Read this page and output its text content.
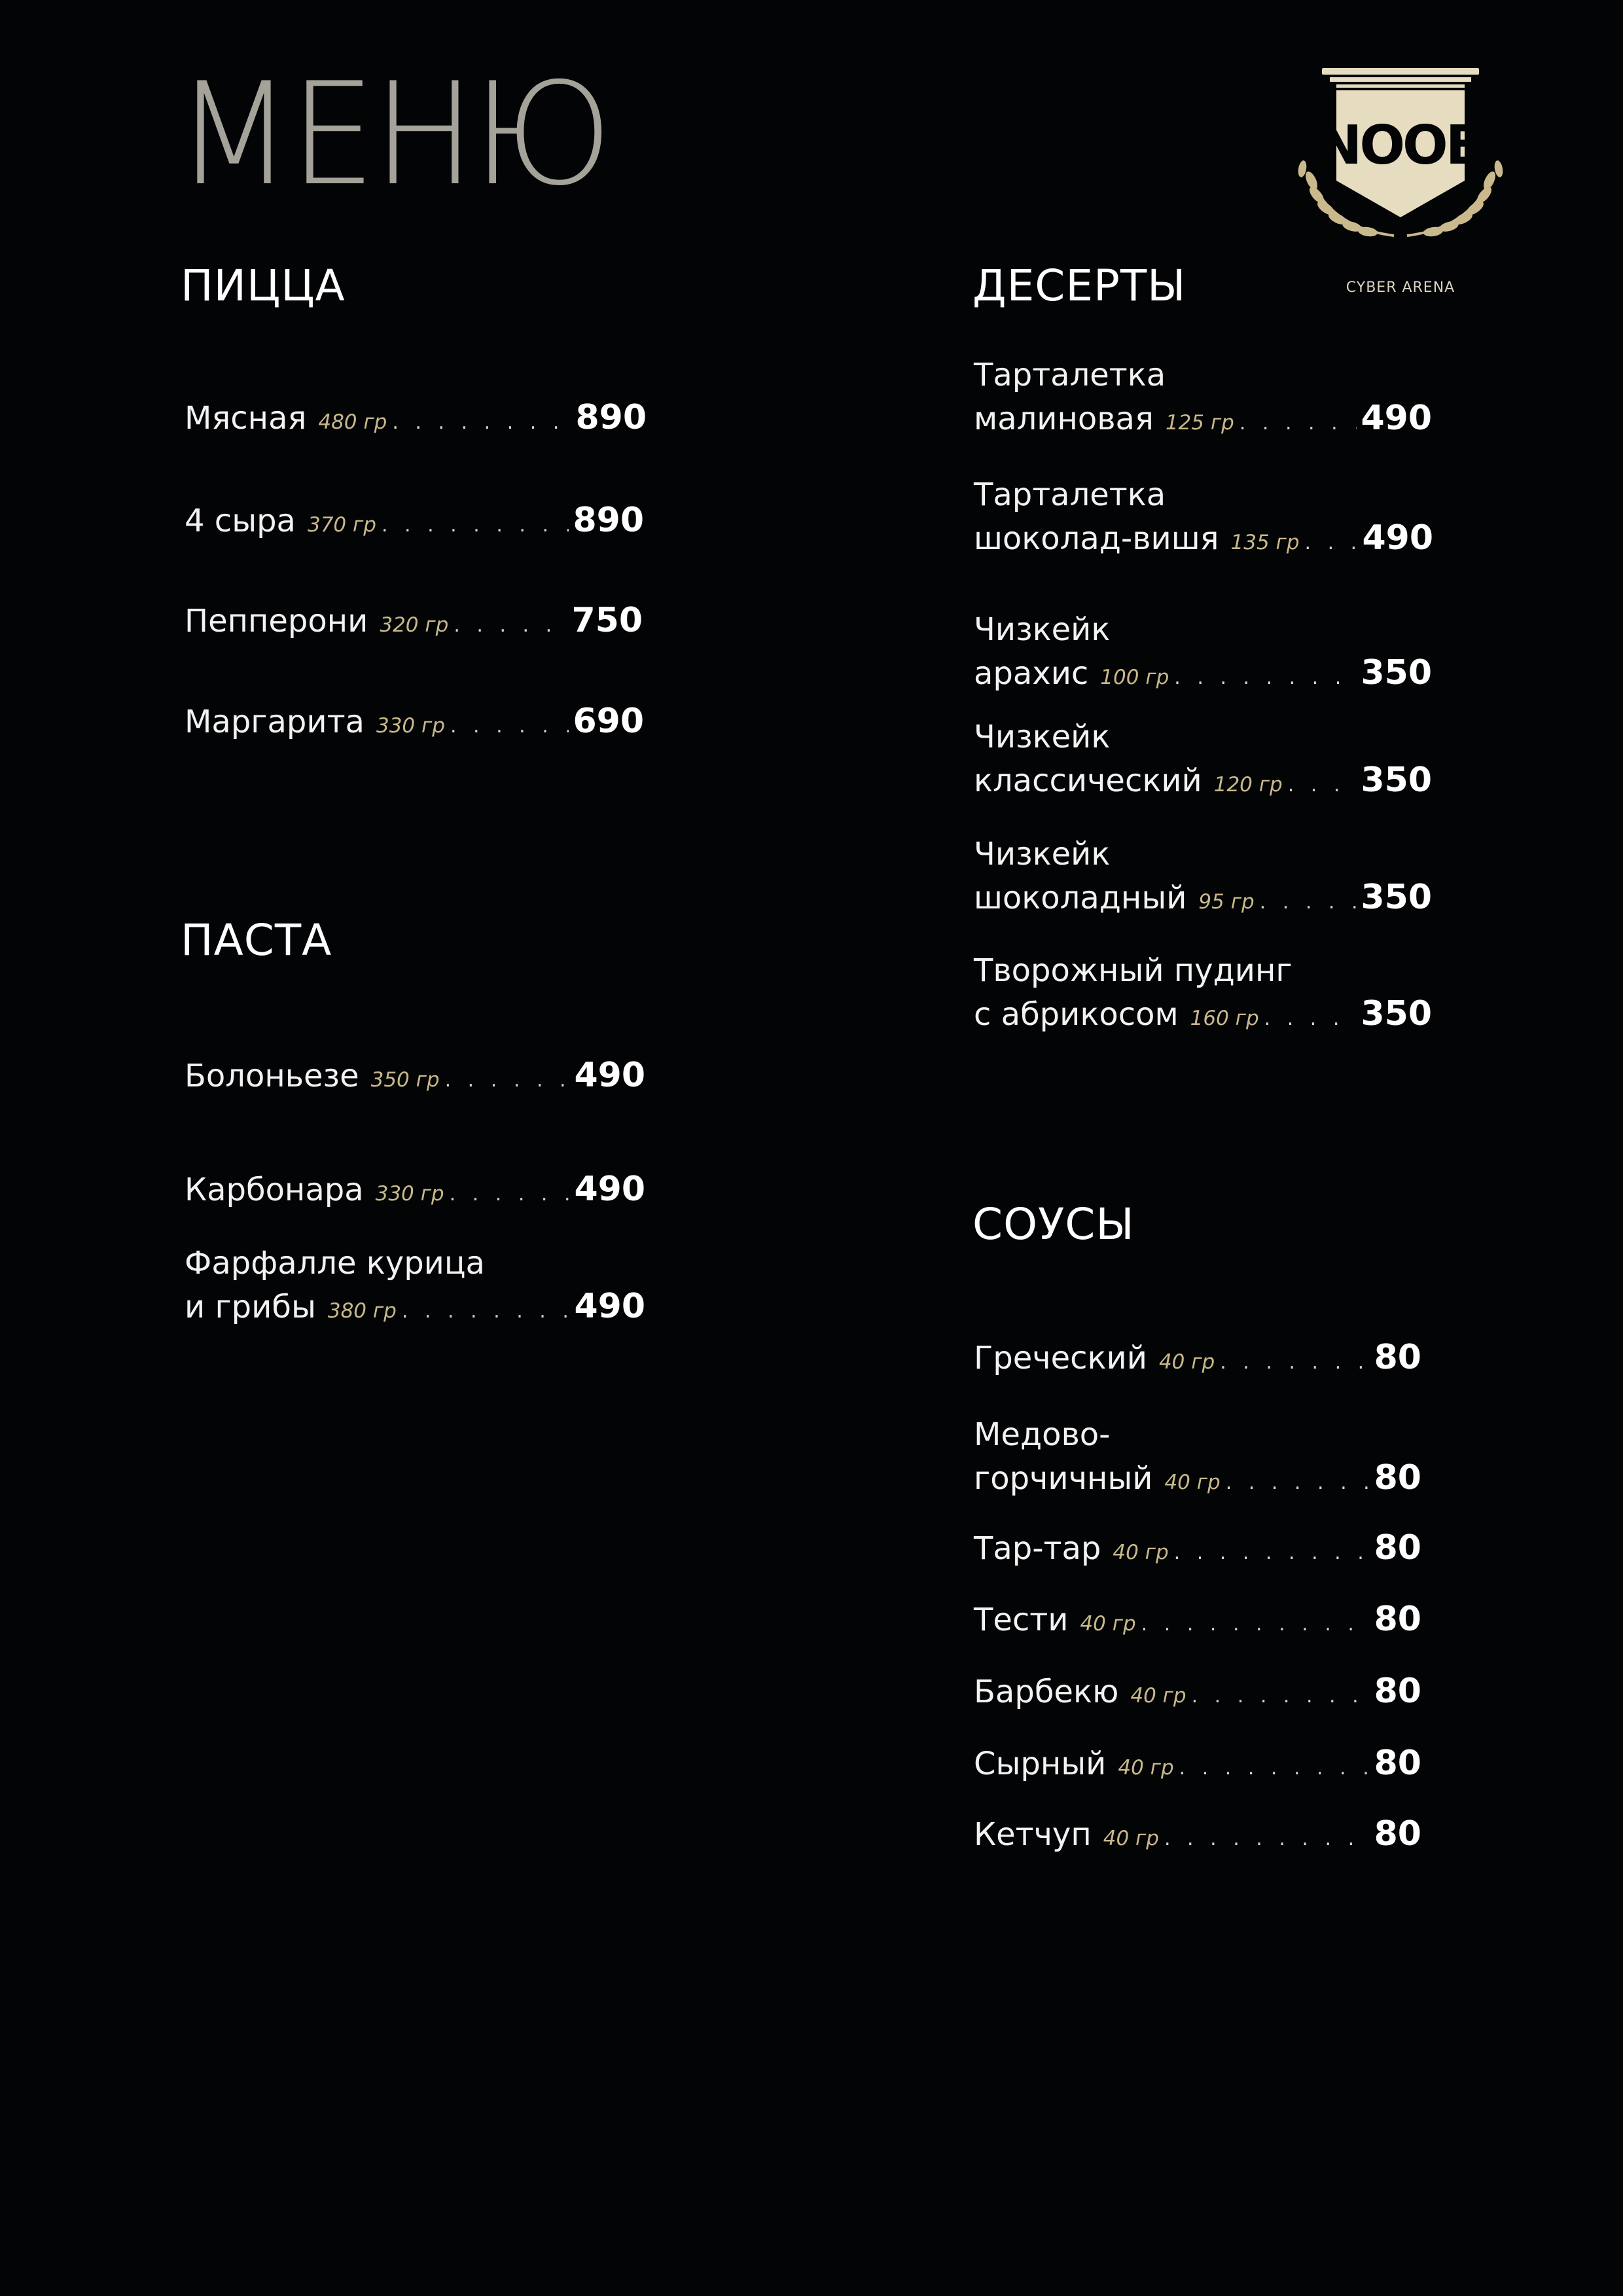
МЕНЮ	NOOB
CYBER ARENA
ПИЦЦА
Мясная 480 гр . . .	890
4 сыра 370 гр . . .	890
Пепперони 320 гр . . .	750
Маргарита 330 гр . . .	690
ПАСТА
Болоньезе 350 гр . . .	490
Карбонара 330 гр . . .	490
Фарфалле курица
и грибы 380 гр . . .	490
ДЕСЕРТЫ
Тарталетка
малиновая 125 гр . . .	490
Тарталетка
шоколад-вишя 135 гр . . . 490
Чизкейк
арахис 100 гр . . .	350
Чизкейк
классический 120 гр . . . 350
Чизкейк
шоколадный 95 гр . . .	350
Творожный пудинг
с абрикосом 160 гр . . .	350
СОУСЫ
Греческий 40 гр . . .	80
Медово-
горчичный 40 гр . . .	80
Тар-тар 40 гр . . .	80
Тести 40 гр . . .	80
Барбекю 40 гр . . .	80
Сырный 40 гр . . .	80
Кетчуп 40 гр . . .	80
